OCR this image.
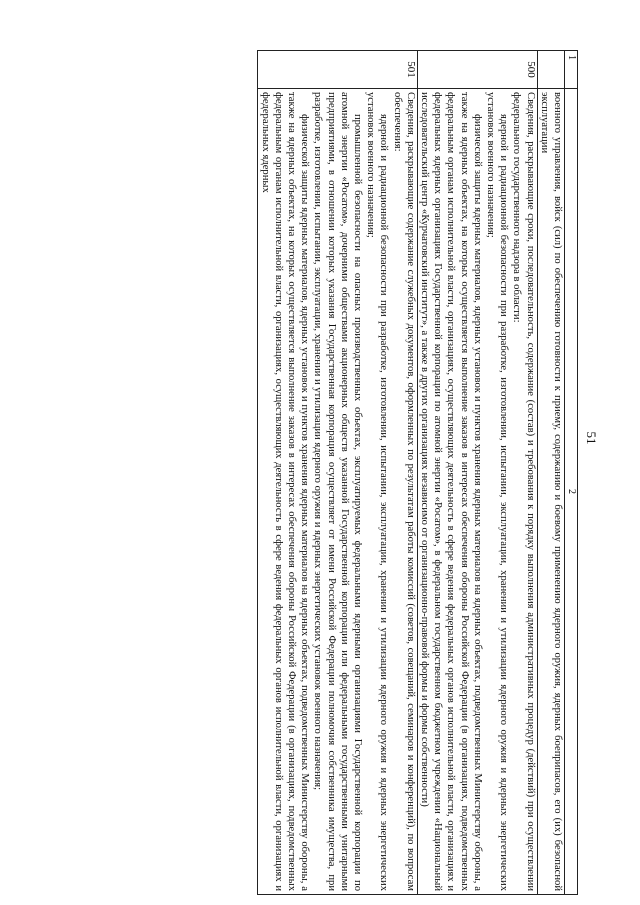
51
1	2

	военного управления, войск (сил) по обеспечению готовности к приему, содержанию и боевому применению ядерного оружия, ядерных боеприпасов, его (их) безопасной эксплуатации

500	Сведения, раскрывающие сроки, последовательность, содержание (состав) и требования к порядку выполнения административных процедур (действий) при осуществлении федерального государственного надзора в области:

ядерной и радиационной безопасности при разработке, изготовлении, испытании, эксплуатации, хранении и утилизации ядерного оружия и ядерных энергетических установок военного назначения;

физической защиты ядерных материалов, ядерных установок и пунктов хранения ядерных материалов на ядерных объектах, подведомственных Министерству обороны, а также на ядерных объектах, на которых осуществляется выполнение заказов в интересах обеспечения обороны Российской Федерации (в организациях, подведомственных федеральным органам исполнительной власти, организациях, осуществляющих деятельность в сфере ведения федеральных органов исполнительной власти, организациях и федеральных ядерных организациях Государственной корпорации по атомной энергии «Росатом», в федеральном государственном бюджетном учреждении «Национальный исследовательский центр «Курчатовский институт», а также в других организациях независимо от организационно-правовой формы и формы собственности)

501	Сведения, раскрывающие содержание служебных документов, оформленных по результатам работы комиссий (советов, совещаний, семинаров и конференций), по вопросам обеспечения:

ядерной и радиационной безопасности при разработке, изготовлении, испытании, эксплуатации, хранении и утилизации ядерного оружия и ядерных энергетических установок военного назначения;

промышленной безопасности на опасных производственных объектах, эксплуатируемых федеральными ядерными организациями Государственной корпорации по атомной энергии «Росатом», дочерними обществами акционерных обществ указанной Государственной корпорации или федеральными государственными унитарными предприятиями, в отношении которых указания Государственная корпорация осуществляет от имени Российской Федерации полномочия собственника имущества, при разработке, изготовлении, испытании, эксплуатации, хранении и утилизации ядерного оружия и ядерных энергетических установок военного назначения;

физической защиты ядерных материалов, ядерных установок и пунктов хранения ядерных материалов на ядерных объектах, подведомственных Министерству обороны, а также на ядерных объектах, на которых осуществляется выполнение заказов в интересах обеспечения обороны Российской Федерации (в организациях, подведомственных федеральным органам исполнительной власти, организациях, осуществляющих деятельность в сфере ведения федеральных органов исполнительной власти, организациях и федеральных ядерных
